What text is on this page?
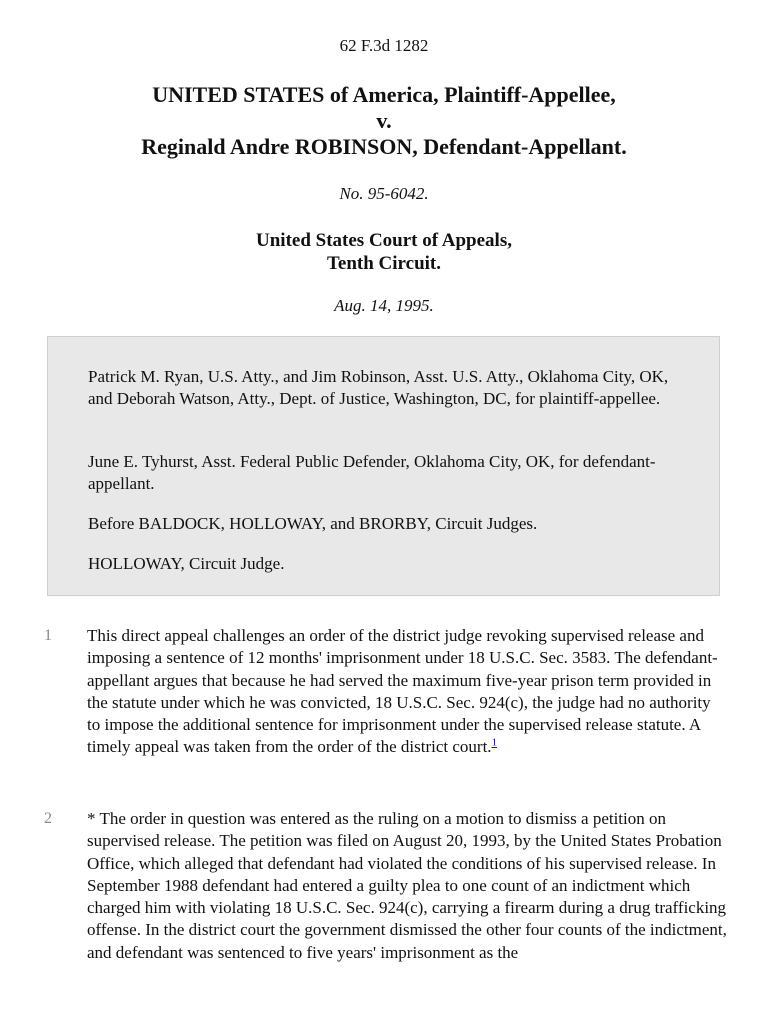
62 F.3d 1282
UNITED STATES of America, Plaintiff-Appellee,
v.
Reginald Andre ROBINSON, Defendant-Appellant.
No. 95-6042.
United States Court of Appeals,
Tenth Circuit.
Aug. 14, 1995.

Patrick M. Ryan, U.S. Atty., and Jim Robinson, Asst. U.S. Atty., Oklahoma City, OK, and Deborah Watson, Atty., Dept. of Justice, Washington, DC, for plaintiff-appellee.

June E. Tyhurst, Asst. Federal Public Defender, Oklahoma City, OK, for defendant-appellant.

Before BALDOCK, HOLLOWAY, and BRORBY, Circuit Judges.

HOLLOWAY, Circuit Judge.

1 This direct appeal challenges an order of the district judge revoking supervised release and imposing a sentence of 12 months' imprisonment under 18 U.S.C. Sec. 3583. The defendant-appellant argues that because he had served the maximum five-year prison term provided in the statute under which he was convicted, 18 U.S.C. Sec. 924(c), the judge had no authority to impose the additional sentence for imprisonment under the supervised release statute. A timely appeal was taken from the order of the district court.$^1$

2 * The order in question was entered as the ruling on a motion to dismiss a petition on supervised release. The petition was filed on August 20, 1993, by the United States Probation Office, which alleged that defendant had violated the conditions of his supervised release. In September 1988 defendant had entered a guilty plea to one count of an indictment which charged him with violating 18 U.S.C. Sec. 924(c), carrying a firearm during a drug trafficking offense. In the district court the government dismissed the other four counts of the indictment, and defendant was sentenced to five years' imprisonment as the
